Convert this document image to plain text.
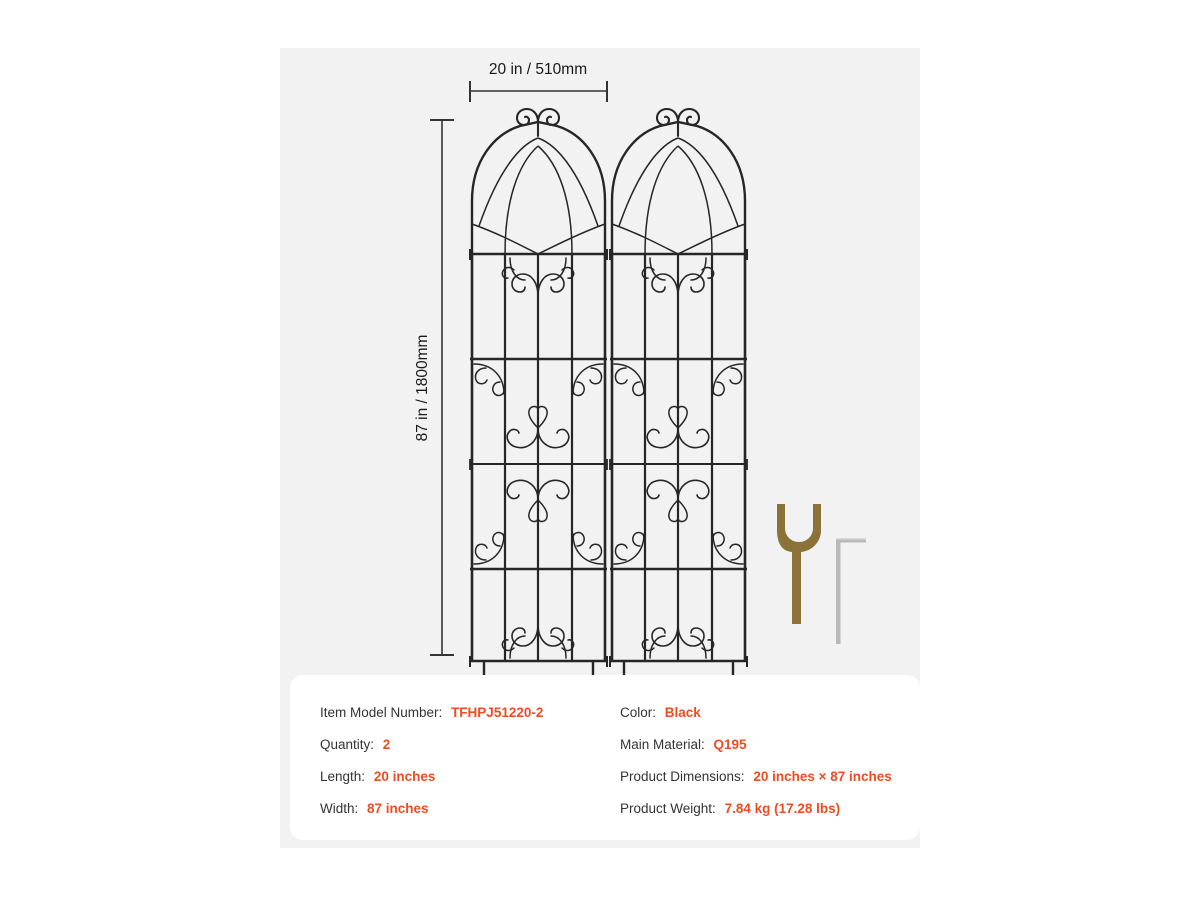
87 in / 1800mm
20 in / 510mm
Item Model Number: TFHPJ51220-2	Color: Black
Quantity: 2	Main Material: Q195
Length: 20 inches	Product Dimensions: 20 inches × 87 inches
Width: 87 inches	Product Weight: 7.84 kg (17.28 lbs)
